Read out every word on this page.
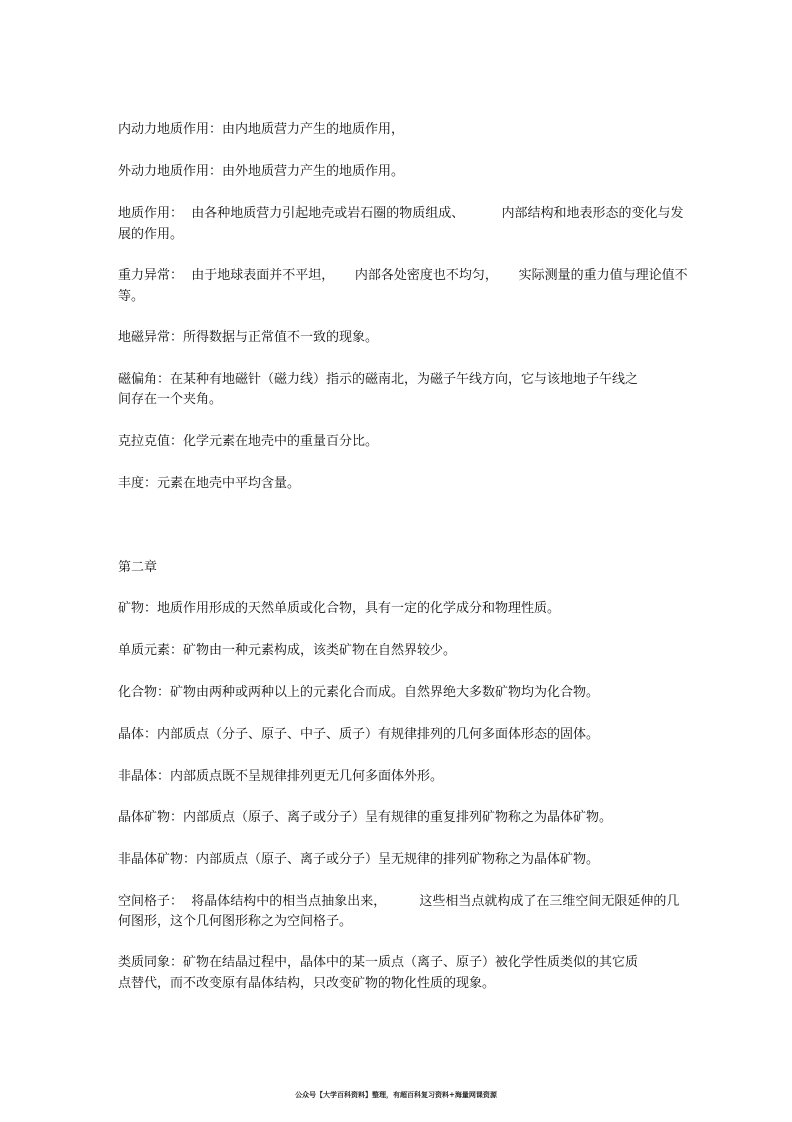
内动力地质作用：由内地质营力产生的地质作用，
外动力地质作用：由外地质营力产生的地质作用。
地质作用：  由各种地质营力引起地壳或岩石圈的物质组成、         内部结构和地表形态的变化与发
展的作用。
重力异常：  由于地球表面并不平坦，     内部各处密度也不均匀，     实际测量的重力值与理论值不
等。
地磁异常：所得数据与正常值不一致的现象。
磁偏角：在某种有地磁针（磁力线）指示的磁南北，为磁子午线方向，它与该地地子午线之
间存在一个夹角。
克拉克值：化学元素在地壳中的重量百分比。
丰度：元素在地壳中平均含量。
第二章
矿物：地质作用形成的天然单质或化合物，具有一定的化学成分和物理性质。
单质元素：矿物由一种元素构成，该类矿物在自然界较少。
化合物：矿物由两种或两种以上的元素化合而成。自然界绝大多数矿物均为化合物。
晶体：内部质点（分子、原子、中子、质子）有规律排列的几何多面体形态的固体。
非晶体：内部质点既不呈规律排列更无几何多面体外形。
晶体矿物：内部质点（原子、离子或分子）呈有规律的重复排列矿物称之为晶体矿物。
非晶体矿物：内部质点（原子、离子或分子）呈无规律的排列矿物称之为晶体矿物。
空间格子：  将晶体结构中的相当点抽象出来，        这些相当点就构成了在三维空间无限延伸的几
何图形，这个几何图形称之为空间格子。
类质同象：矿物在结晶过程中，晶体中的某一质点（离子、原子）被化学性质类似的其它质
点替代，而不改变原有晶体结构，只改变矿物的物化性质的现象。
公众号【大学百科资料】整理，有超百科复习资料+海量网课资源
